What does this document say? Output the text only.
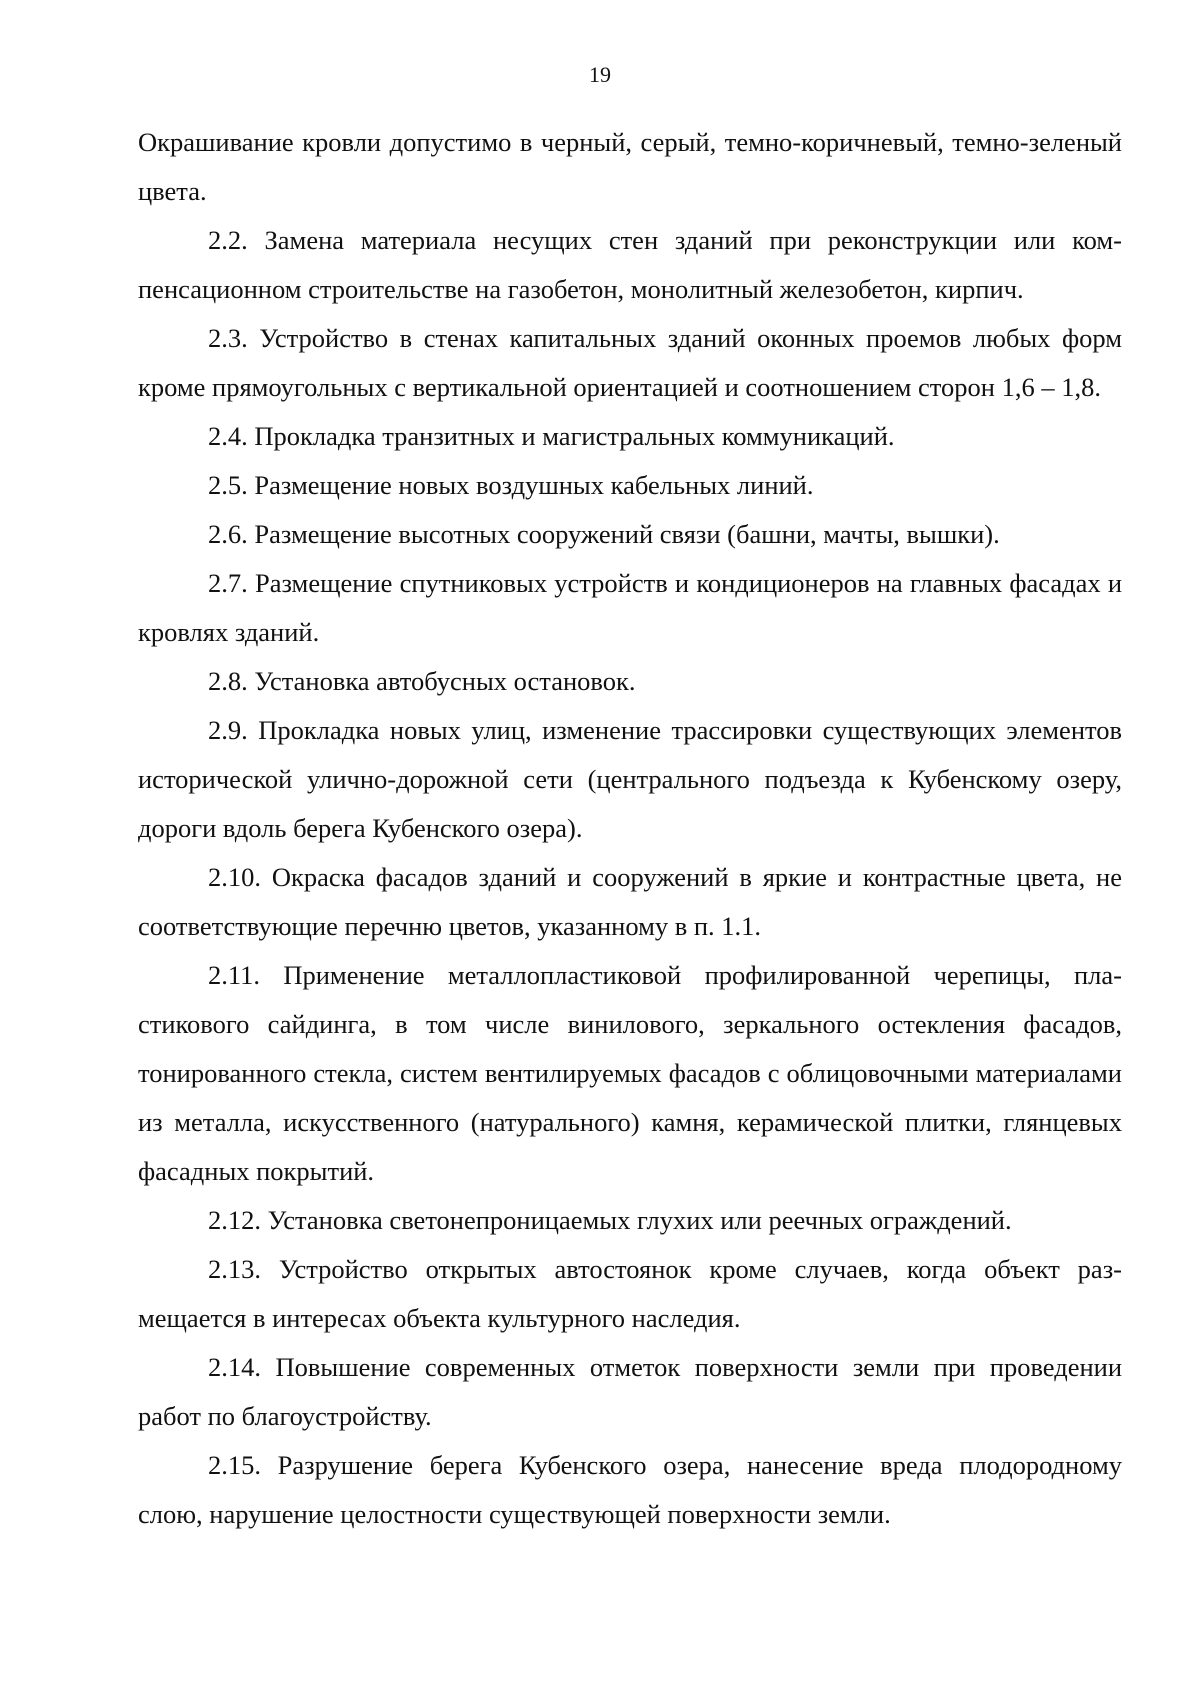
19

Окрашивание кровли допустимо в черный, серый, темно-коричневый, темно-зеленый цвета.

2.2. Замена материала несущих стен зданий при реконструкции или компенсационном строительстве на газобетон, монолитный железобетон, кирпич.

2.3. Устройство в стенах капитальных зданий оконных проемов любых форм кроме прямоугольных с вертикальной ориентацией и соотношением сторон 1,6 – 1,8.

2.4. Прокладка транзитных и магистральных коммуникаций.

2.5. Размещение новых воздушных кабельных линий.

2.6. Размещение высотных сооружений связи (башни, мачты, вышки).

2.7. Размещение спутниковых устройств и кондиционеров на главных фасадах и кровлях зданий.

2.8. Установка автобусных остановок.

2.9. Прокладка новых улиц, изменение трассировки существующих элементов исторической улично-дорожной сети (центрального подъезда к Кубенскому озеру, дороги вдоль берега Кубенского озера).

2.10. Окраска фасадов зданий и сооружений в яркие и контрастные цвета, не соответствующие перечню цветов, указанному в п. 1.1.

2.11. Применение металлопластиковой профилированной черепицы, пластикового сайдинга, в том числе винилового, зеркального остекления фасадов, тонированного стекла, систем вентилируемых фасадов с облицовочными материалами из металла, искусственного (натурального) камня, керамической плитки, глянцевых фасадных покрытий.

2.12. Установка светонепроницаемых глухих или реечных ограждений.

2.13. Устройство открытых автостоянок кроме случаев, когда объект размещается в интересах объекта культурного наследия.

2.14. Повышение современных отметок поверхности земли при проведении работ по благоустройству.

2.15. Разрушение берега Кубенского озера, нанесение вреда плодородному слою, нарушение целостности существующей поверхности земли.
